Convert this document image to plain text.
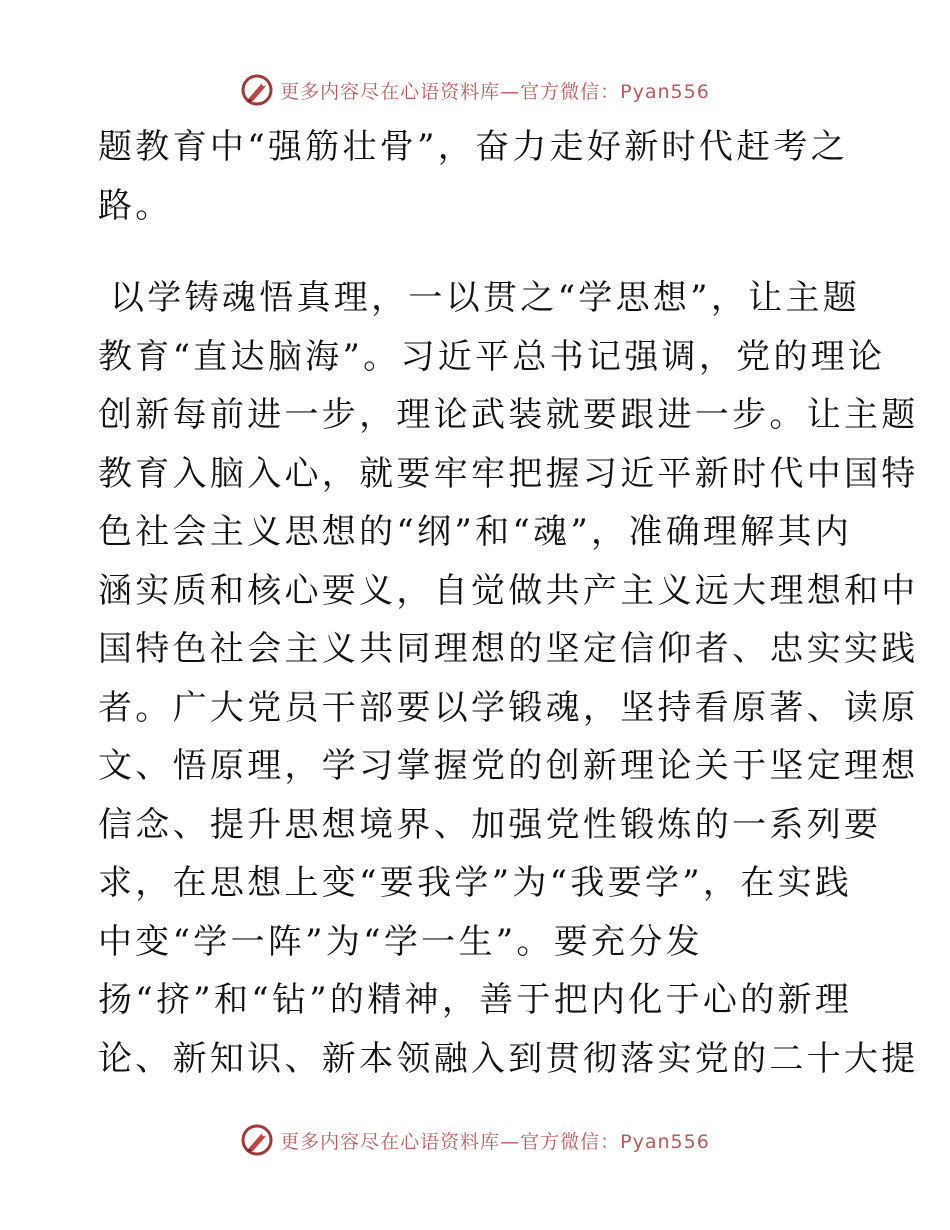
更多内容尽在心语资料库—官方微信：Pyan556
题教育中“强筋壮骨”，奋力走好新时代赶考之
路。
以学铸魂悟真理，一以贯之“学思想”，让主题
教育“直达脑海”。习近平总书记强调，党的理论
创新每前进一步，理论武装就要跟进一步。让主题
教育入脑入心，就要牢牢把握习近平新时代中国特
色社会主义思想的“纲”和“魂”，准确理解其内
涵实质和核心要义，自觉做共产主义远大理想和中
国特色社会主义共同理想的坚定信仰者、忠实实践
者。广大党员干部要以学锻魂，坚持看原著、读原
文、悟原理，学习掌握党的创新理论关于坚定理想
信念、提升思想境界、加强党性锻炼的一系列要
求，在思想上变“要我学”为“我要学”，在实践
中变“学一阵”为“学一生”。要充分发
扬“挤”和“钻”的精神，善于把内化于心的新理
论、新知识、新本领融入到贯彻落实党的二十大提
更多内容尽在心语资料库—官方微信：Pyan556
